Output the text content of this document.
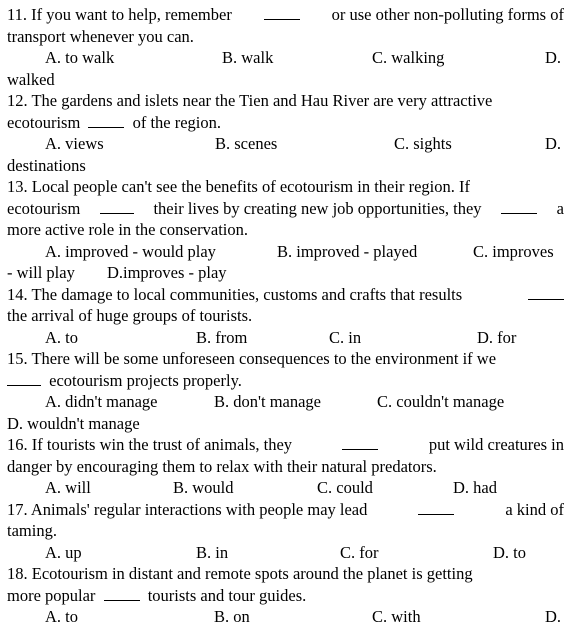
11. If you want to help, remember	or use other non-polluting forms of
transport whenever you can.
A. to walk	B. walk	C. walking	D.
walked
12. The gardens and islets near the Tien and Hau River are very attractive
ecotourism	of the region.
A. views	B. scenes	C. sights	D.
destinations
13. Local people can't see the benefits of ecotourism in their region. If
ecotourism	their lives by creating new job opportunities, they	a
more active role in the conservation.
A. improved - would play	B. improved - played	C. improves
- will play D.improves - play
14. The damage to local communities, customs and crafts that results
the arrival of huge groups of tourists.
A. to	B. from	C. in	D. for
15. There will be some unforeseen consequences to the environment if we
ecotourism projects properly.
A. didn't manage	B. don't manage	C. couldn't manage
D. wouldn't manage
16. If tourists win the trust of animals, they	put wild creatures in
danger by encouraging them to relax with their natural predators.
A. will	B. would	C. could	D. had
17. Animals' regular interactions with people may lead	a kind of
taming.
A. up	B. in	C. for	D. to
18. Ecotourism in distant and remote spots around the planet is getting
more popular	tourists and tour guides.
A. to	B. on	C. with	D.
